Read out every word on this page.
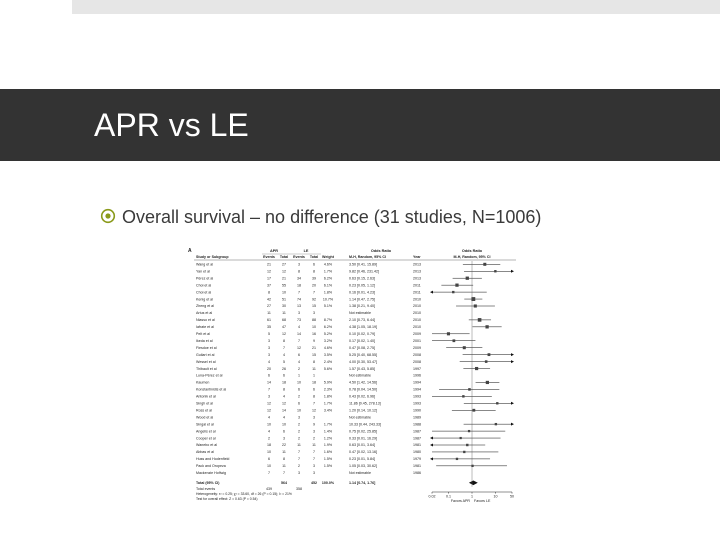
APR vs LE
Overall survival – no difference (31 studies, N=1006)
A	APR	LE	Odds Ratio	Odds Ratio
Study or Subgroup	Events Total Events Total Weight	M-H, Random, 95% CI	Year	M-H, Random, 95% CI
Wang et al	21	27	3	6 4.6%	3.50 [0.41, 15.89]	2013
Yan et al	12	12	8	8 1.7%	9.82 [0.46, 231.42]	2013
Pérez et al	17	21	34	39 6.2%	0.63 [0.15, 2.63]	2013
Choi et al	37	55	18	20 6.1%	0.23 [0.05, 1.12]	2011
Choi et al	8	10	7	7 1.8%	0.16 [0.01, 4.23]	2011
Kenig et al	42	51	74	92 10.7%	1.14 [0.47, 2.75]	2010
Zheng et al	27	30	13	15 5.1%	1.38 [0.21, 9.40]	2010
Artus et al	11	11	3	3	Not estimable	2010
Niasso et al	61	68	73	88 8.7%	2.10 [0.73, 6.44]	2010
Iafrate et al	35	47	4	10 6.2%	4.38 [1.05, 18.19]	2010
Pelt et al	5	12	14	16 5.2%	0.10 [0.02, 0.79]	2009
Ikeda et al	3	8	7	9 3.2%	0.17 [0.02, 1.40]	2001
Fiesdoe et al	3	7	12	21 4.6%	0.47 [0.08, 2.75]	2009
Guilart et al	3	4	6	15 3.5%	5.25 [0.40, 68.55]	2008
Wessel et al	4	5	4	8 2.4%	4.00 [0.30, 53.47]	2008
Thibault et al	20	26	2	11 5.6%	1.57 [0.43, 5.85]	1997
Luna-Pérez et al	6	6	1	1	Not estimable	1996
Kaumen	14	18	10	18 5.9%	4.50 [1.42, 14.56]	1994
Konstantinidis et al	7	8	6	6 2.3%	0.78 [0.04, 14.50]	1994
Antonik et al	3	4	2	8 1.8%	0.43 [0.02, 6.96]	1993
Singh et al	12	12	6	7 1.7%	11.86 [0.45, 278.13]	1993
Ross et al	12	14	10	12 3.4%	1.20 [0.14, 10.12]	1990
Wood et al	4	4	3	3	Not estimable	1989
Singal et al	10	10	2	9 1.7%	10.33 [0.44, 243.33]	1988
Angelis et al	4	6	2	3 1.4%	0.75 [0.02, 25.85]	1987
Cooper et al	2	3	2	2 1.2%	0.33 [0.01, 16.29]	1987
Wanebo et al	18	22	11	11 1.9%	0.63 [0.01, 3.64]	1981
Abbas et al	10	11	7	7 1.6%	0.47 [0.02, 13.16]	1980
Huss and Hodenfield	6	8	7	7 1.5%	0.23 [0.01, 5.84]	1979
Pack and Oropeza	10	11	2	3 1.5%	1.05 [0.03, 30.62]	1981
Mackenzie Hoflwig	7	7	3	3	Not estimable	1986
Total (95% CI)	564	452 100.0%	1.14 [0.74, 1.76]
Total events	439	358
Heterogeneity: τ² = 0.25; χ² = 33.60, df = 26 (P = 0.15); I² = 21%
Test for overall effect: Z = 0.63 (P = 0.54)
0.02	0.1	1	10	50
Favors APR Favors LE
